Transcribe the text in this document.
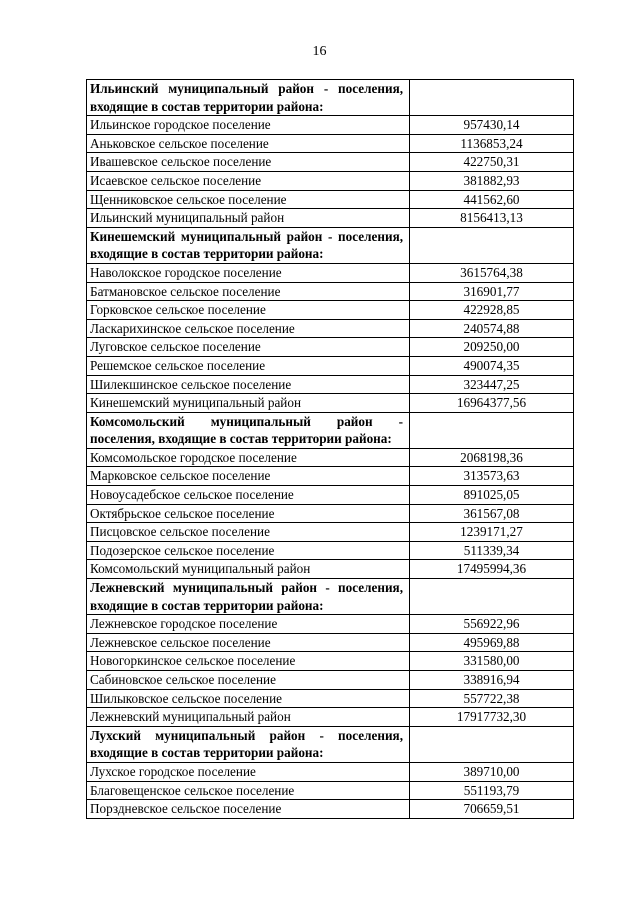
16
Ильинский муниципальный район - поселения, входящие в состав территории района:	
Ильинское городское поселение	957430,14
Аньковское сельское поселение	1136853,24
Ивашевское сельское поселение	422750,31
Исаевское сельское поселение	381882,93
Щенниковское сельское поселение	441562,60
Ильинский муниципальный район	8156413,13
Кинешемский муниципальный район - поселения, входящие в состав территории района:	
Наволокское городское поселение	3615764,38
Батмановское сельское поселение	316901,77
Горковское сельское поселение	422928,85
Ласкарихинское сельское поселение	240574,88
Луговское сельское поселение	209250,00
Решемское сельское поселение	490074,35
Шилекшинское сельское поселение	323447,25
Кинешемский муниципальный район	16964377,56
Комсомольский муниципальный район - поселения, входящие в состав территории района:	
Комсомольское городское поселение	2068198,36
Марковское сельское поселение	313573,63
Новоусадебское сельское поселение	891025,05
Октябрьское сельское поселение	361567,08
Писцовское сельское поселение	1239171,27
Подозерское сельское поселение	511339,34
Комсомольский муниципальный район	17495994,36
Лежневский муниципальный район - поселения, входящие в состав территории района:	
Лежневское городское поселение	556922,96
Лежневское сельское поселение	495969,88
Новогоркинское сельское поселение	331580,00
Сабиновское сельское поселение	338916,94
Шилыковское сельское поселение	557722,38
Лежневский муниципальный район	17917732,30
Лухский муниципальный район - поселения, входящие в состав территории района:	
Лухское городское поселение	389710,00
Благовещенское сельское поселение	551193,79
Порздневское сельское поселение	706659,51
